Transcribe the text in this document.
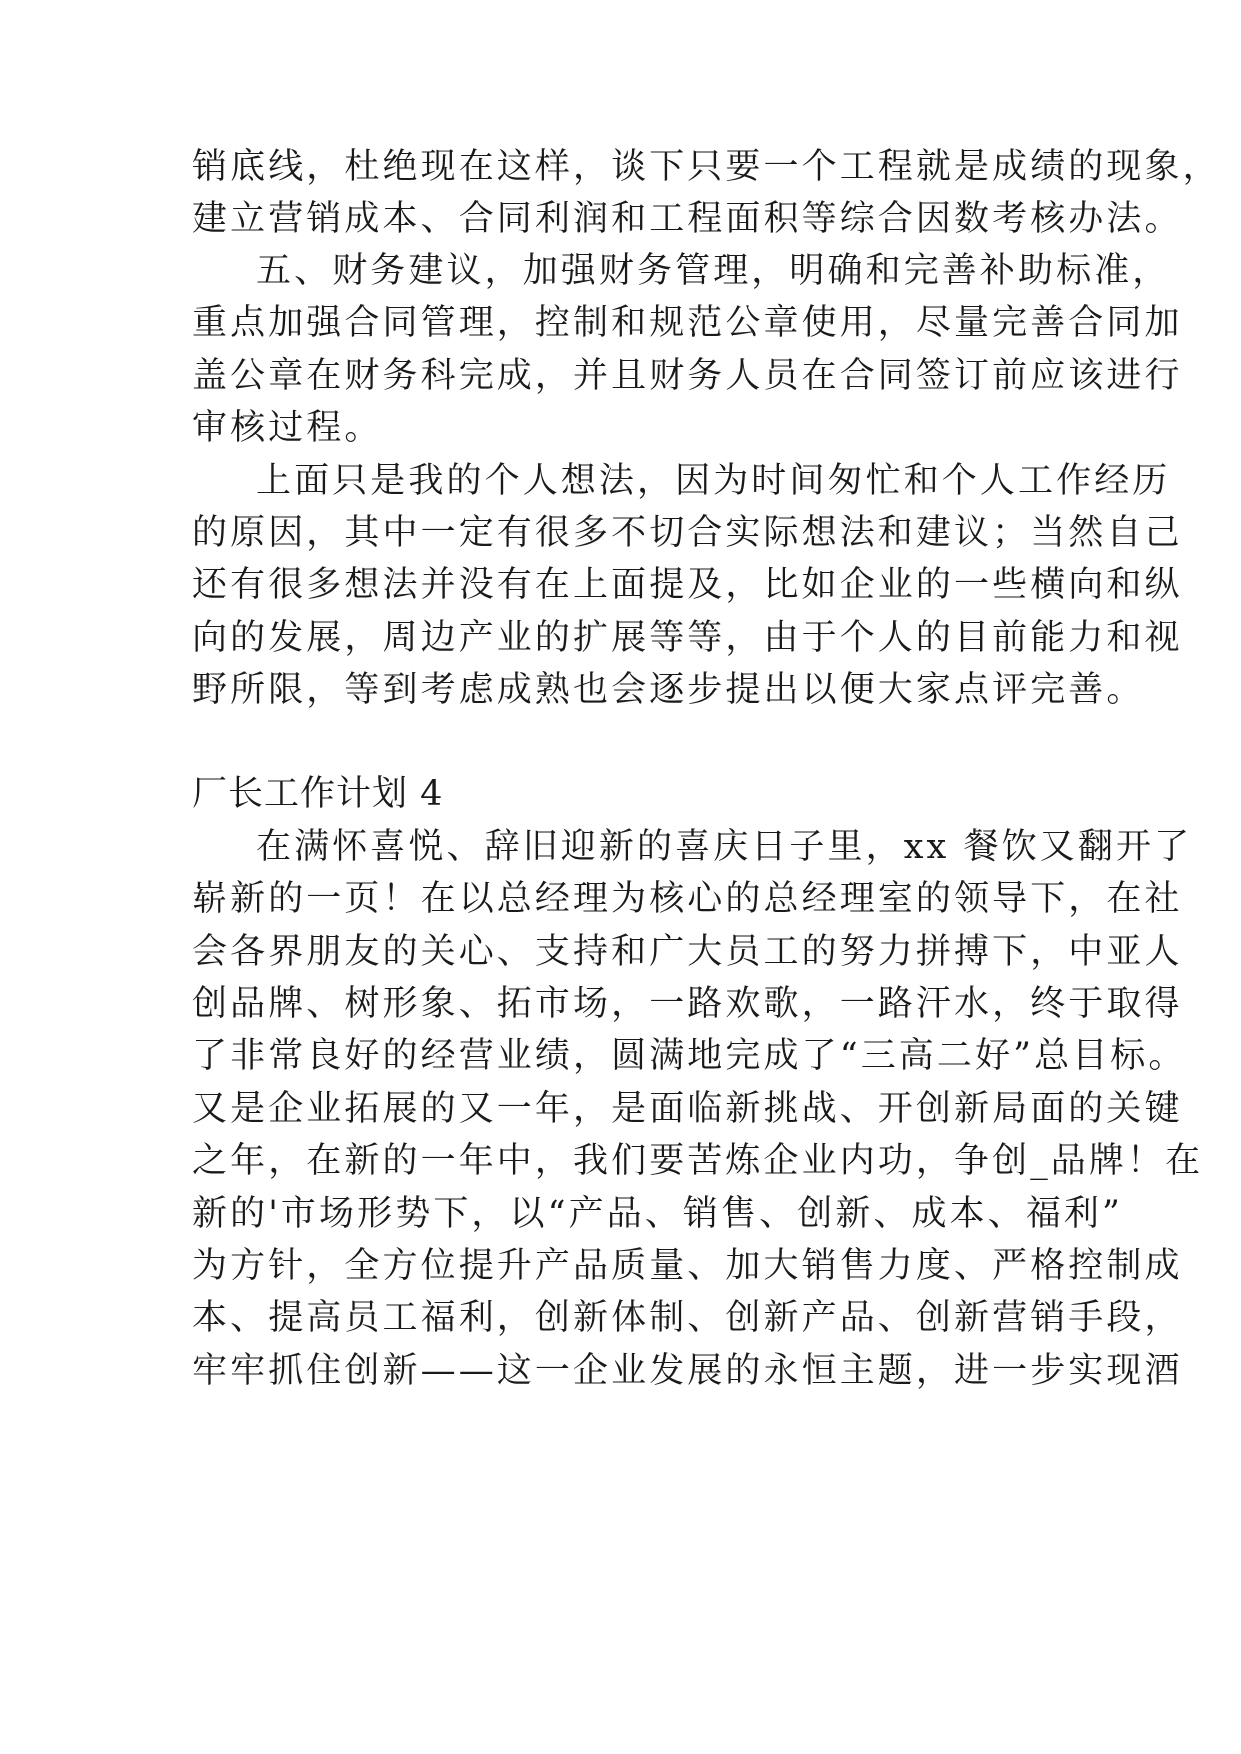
销底线，杜绝现在这样，谈下只要一个工程就是成绩的现象，
建立营销成本、合同利润和工程面积等综合因数考核办法。
五、财务建议，加强财务管理，明确和完善补助标准，
重点加强合同管理，控制和规范公章使用，尽量完善合同加
盖公章在财务科完成，并且财务人员在合同签订前应该进行
审核过程。
上面只是我的个人想法，因为时间匆忙和个人工作经历
的原因，其中一定有很多不切合实际想法和建议；当然自己
还有很多想法并没有在上面提及，比如企业的一些横向和纵
向的发展，周边产业的扩展等等，由于个人的目前能力和视
野所限，等到考虑成熟也会逐步提出以便大家点评完善。
厂长工作计划 4
在满怀喜悦、辞旧迎新的喜庆日子里，xx 餐饮又翻开了
崭新的一页！在以总经理为核心的总经理室的领导下，在社
会各界朋友的关心、支持和广大员工的努力拼搏下，中亚人
创品牌、树形象、拓市场，一路欢歌，一路汗水，终于取得
了非常良好的经营业绩，圆满地完成了“三高二好”总目标。
又是企业拓展的又一年，是面临新挑战、开创新局面的关键
之年，在新的一年中，我们要苦炼企业内功，争创_品牌！在
新的'市场形势下，以“产品、销售、创新、成本、福利”
为方针，全方位提升产品质量、加大销售力度、严格控制成
本、提高员工福利，创新体制、创新产品、创新营销手段，
牢牢抓住创新——这一企业发展的永恒主题，进一步实现酒
